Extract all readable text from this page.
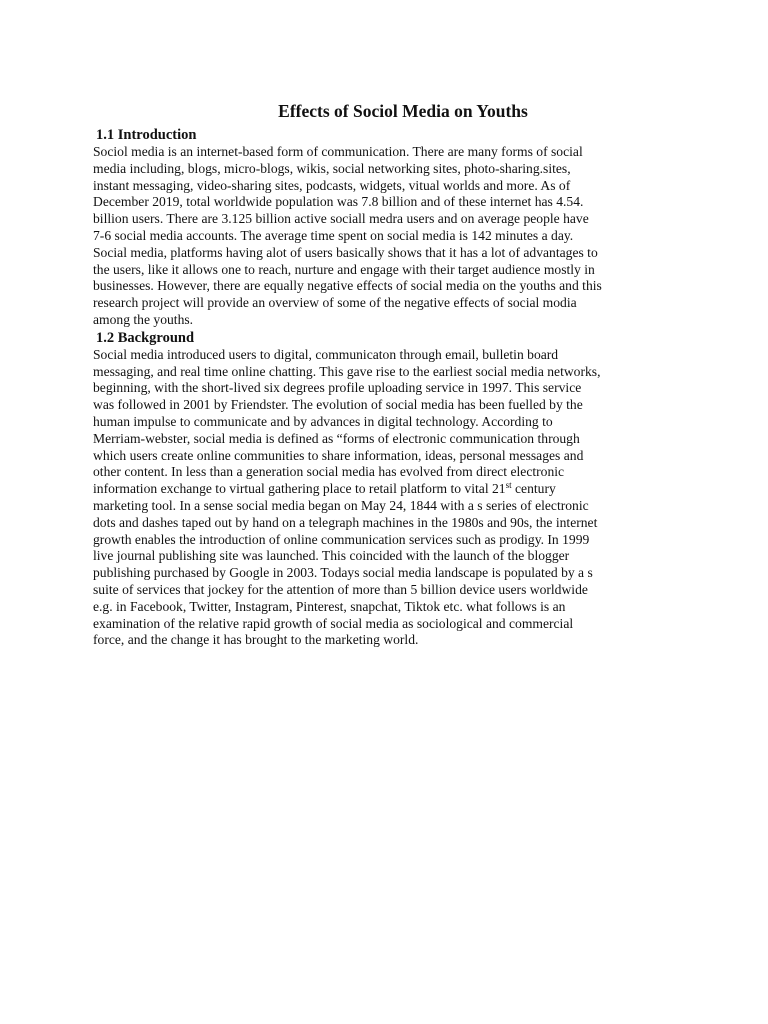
Effects of Sociol Media on Youths
1.1 Introduction
Sociol media is an internet-based form of communication. There are many forms of social
media including, blogs, micro-blogs, wikis, social networking sites, photo-sharing.sites,
instant messaging, video-sharing sites, podcasts, widgets, vitual worlds and more. As of
December 2019, total worldwide population was 7.8 billion and of these internet has 4.54.
billion users. There are 3.125 billion active sociall medra users and on average people have
7-6 social media accounts. The average time spent on social media is 142 minutes a day.
Social media, platforms having alot of users basically shows that it has a lot of advantages to
the users, like it allows one to reach, nurture and engage with their target audience mostly in
businesses. However, there are equally negative effects of social media on the youths and this
research project will provide an overview of some of the negative effects of social modia
among the youths.
1.2 Background
Social media introduced users to digital, communicaton through email, bulletin board
messaging, and real time online chatting. This gave rise to the earliest social media networks,
beginning, with the short-lived six degrees profile uploading service in 1997. This service
was followed in 2001 by Friendster. The evolution of social media has been fuelled by the
human impulse to communicate and by advances in digital technology. According to
Merriam-webster, social media is defined as “forms of electronic communication through
which users create online communities to share information, ideas, personal messages and
other content. In less than a generation social media has evolved from direct electronic
information exchange to virtual gathering place to retail platform to vital 21st century
marketing tool. In a sense social media began on May 24, 1844 with a s series of electronic
dots and dashes taped out by hand on a telegraph machines in the 1980s and 90s, the internet
growth enables the introduction of online communication services such as prodigy. In 1999
live journal publishing site was launched. This coincided with the launch of the blogger
publishing purchased by Google in 2003. Todays social media landscape is populated by a s
suite of services that jockey for the attention of more than 5 billion device users worldwide
e.g. in Facebook, Twitter, Instagram, Pinterest, snapchat, Tiktok etc. what follows is an
examination of the relative rapid growth of social media as sociological and commercial
force, and the change it has brought to the marketing world.
